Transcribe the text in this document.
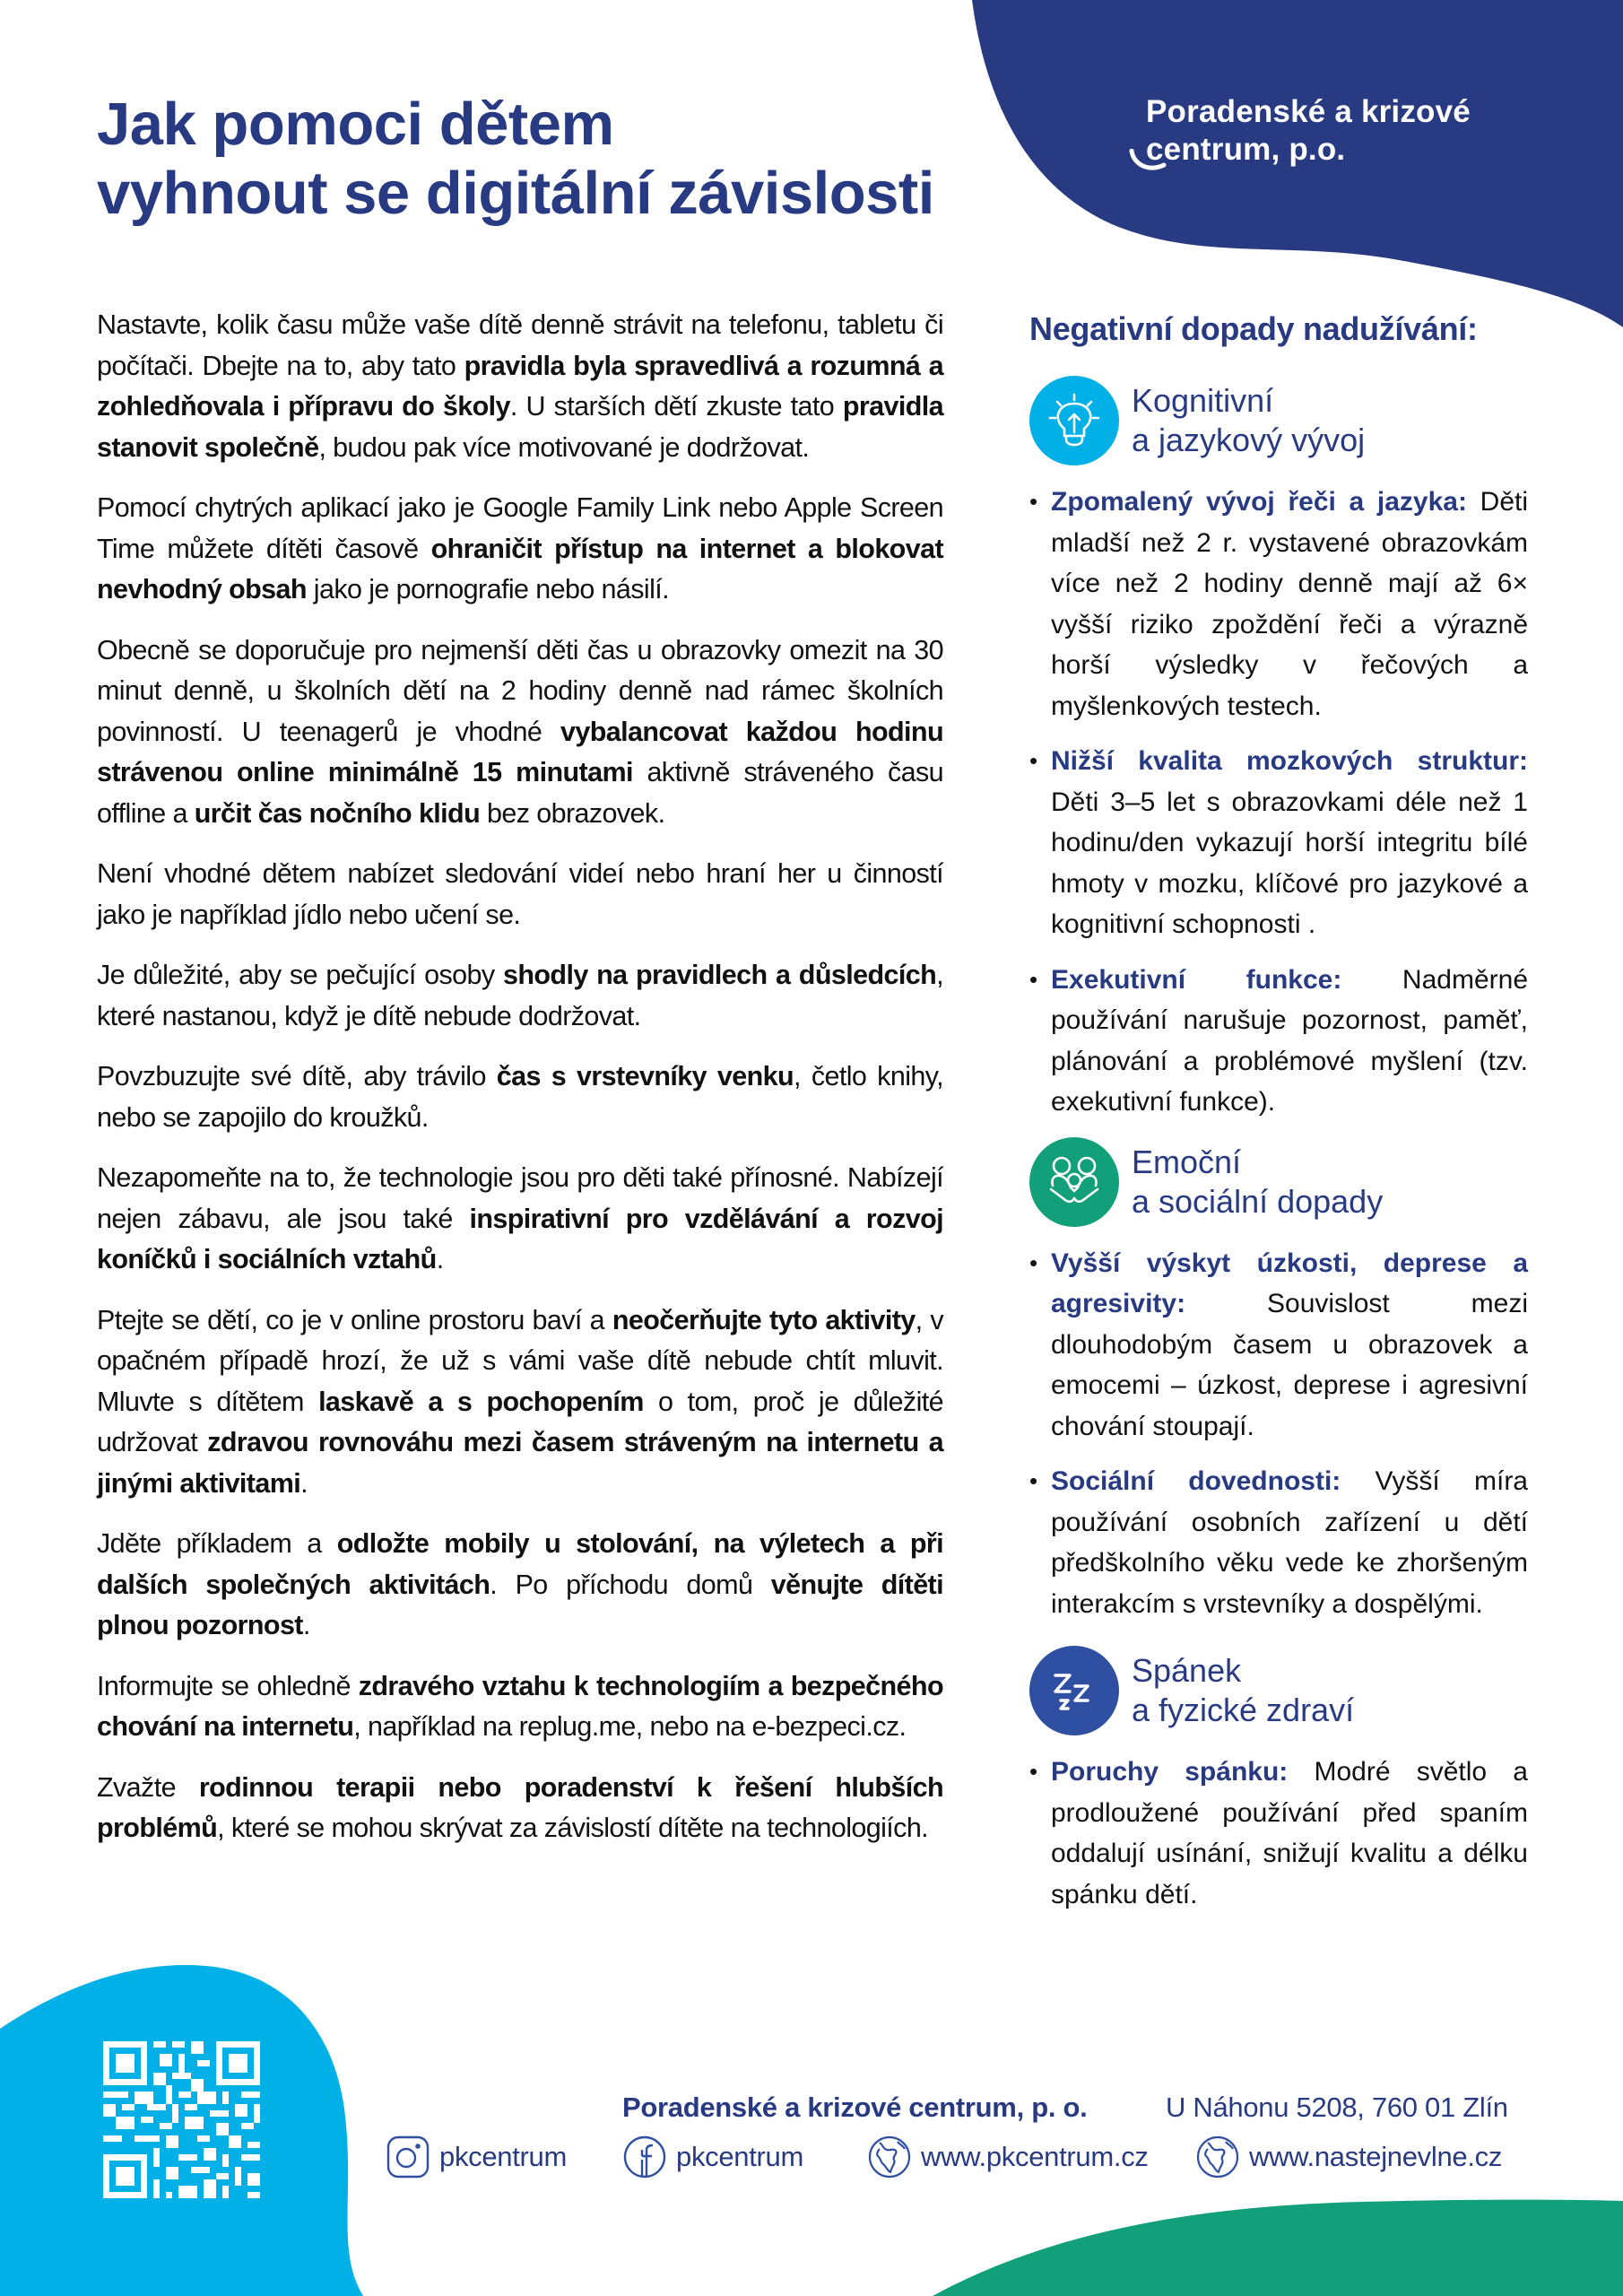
Poradenské a krizové
centrum, p.o.
Jak pomoci dětem
vyhnout se digitální závislosti

Nastavte, kolik času může vaše dítě denně strávit na telefonu, tabletu či počítači. Dbejte na to, aby tato pravidla byla spravedlivá a rozumná a zohledňovala i přípravu do školy. U starších dětí zkuste tato pravidla stanovit společně, budou pak více motivované je dodržovat.

Pomocí chytrých aplikací jako je Google Family Link nebo Apple Screen Time můžete dítěti časově ohraničit přístup na internet a blokovat nevhodný obsah jako je pornografie nebo násilí.

Obecně se doporučuje pro nejmenší děti čas u obrazovky omezit na 30 minut denně, u školních dětí na 2 hodiny denně nad rámec školních povinností. U teenagerů je vhodné vybalancovat každou hodinu strávenou online minimálně 15 minutami aktivně stráveného času offline a určit čas nočního klidu bez obrazovek.

Není vhodné dětem nabízet sledování videí nebo hraní her u činností jako je například jídlo nebo učení se.

Je důležité, aby se pečující osoby shodly na pravidlech a důsledcích, které nastanou, když je dítě nebude dodržovat.

Povzbuzujte své dítě, aby trávilo čas s vrstevníky venku, četlo knihy, nebo se zapojilo do kroužků.

Nezapomeňte na to, že technologie jsou pro děti také přínosné. Nabízejí nejen zábavu, ale jsou také inspirativní pro vzdělávání a rozvoj koníčků i sociálních vztahů.

Ptejte se dětí, co je v online prostoru baví a neočerňujte tyto aktivity, v opačném případě hrozí, že už s vámi vaše dítě nebude chtít mluvit. Mluvte s dítětem laskavě a s pochopením o tom, proč je důležité udržovat zdravou rovnováhu mezi časem stráveným na internetu a jinými aktivitami.

Jděte příkladem a odložte mobily u stolování, na výletech a při dalších společných aktivitách. Po příchodu domů věnujte dítěti plnou pozornost.

Informujte se ohledně zdravého vztahu k technologiím a bezpečného chování na internetu, například na replug.me, nebo na e-bezpeci.cz.

Zvažte rodinnou terapii nebo poradenství k řešení hlubších problémů, které se mohou skrývat za závislostí dítěte na technologiích.

Negativní dopady nadužívání:
Kognitivní
a jazykový vývoj
• Zpomalený vývoj řeči a jazyka: Děti mladší než 2 r. vystavené obrazovkám více než 2 hodiny denně mají až 6× vyšší riziko zpoždění řeči a výrazně horší výsledky v řečových a myšlenkových testech.
• Nižší kvalita mozkových struktur: Děti 3–5 let s obrazovkami déle než 1 hodinu/den vykazují horší integritu bílé hmoty v mozku, klíčové pro jazykové a kognitivní schopnosti .
• Exekutivní funkce: Nadměrné používání narušuje pozornost, paměť, plánování a problémové myšlení (tzv. exekutivní funkce).
Emoční
a sociální dopady
• Vyšší výskyt úzkosti, deprese a agresivity: Souvislost mezi dlouhodobým časem u obrazovek a emocemi – úzkost, deprese i agresivní chování stoupají.
• Sociální dovednosti: Vyšší míra používání osobních zařízení u dětí předškolního věku vede ke zhoršeným interakcím s vrstevníky a dospělými.
Spánek
a fyzické zdraví
• Poruchy spánku: Modré světlo a prodloužené používání před spaním oddalují usínání, snižují kvalitu a délku spánku dětí.
Poradenské a krizové centrum, p. o.	U Náhonu 5208, 760 01 Zlín
pkcentrum	pkcentrum	www.pkcentrum.cz	www.nastejnevlne.cz
